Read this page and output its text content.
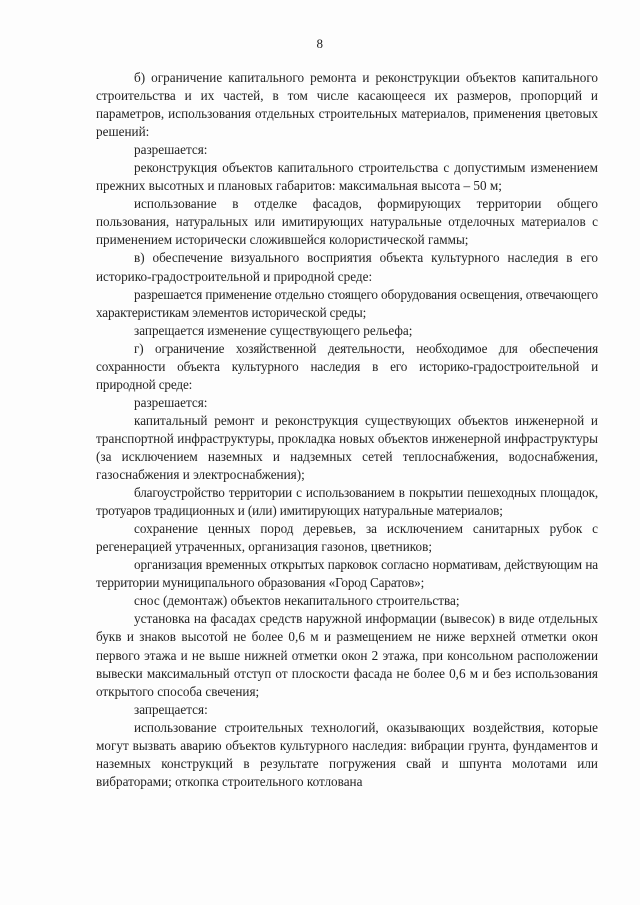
8

б) ограничение капитального ремонта и реконструкции объектов капитального строительства и их частей, в том числе касающееся их размеров, пропорций и параметров, использования отдельных строительных материалов, применения цветовых решений:

разрешается:

реконструкция объектов капитального строительства с допустимым изменением прежних высотных и плановых габаритов: максимальная высота – 50 м;

использование в отделке фасадов, формирующих территории общего пользования, натуральных или имитирующих натуральные отделочных материалов с применением исторически сложившейся колористической гаммы;

в) обеспечение визуального восприятия объекта культурного наследия в его историко-градостроительной и природной среде:

разрешается применение отдельно стоящего оборудования освещения, отвечающего характеристикам элементов исторической среды;

запрещается изменение существующего рельефа;

г) ограничение хозяйственной деятельности, необходимое для обеспечения сохранности объекта культурного наследия в его историко-градостроительной и природной среде:

разрешается:

капитальный ремонт и реконструкция существующих объектов инженерной и транспортной инфраструктуры, прокладка новых объектов инженерной инфраструктуры (за исключением наземных и надземных сетей теплоснабжения, водоснабжения, газоснабжения и электроснабжения);

благоустройство территории с использованием в покрытии пешеходных площадок, тротуаров традиционных и (или) имитирующих натуральные материалов;

сохранение ценных пород деревьев, за исключением санитарных рубок с регенерацией утраченных, организация газонов, цветников;

организация временных открытых парковок согласно нормативам, действующим на территории муниципального образования «Город Саратов»;

снос (демонтаж) объектов некапитального строительства;

установка на фасадах средств наружной информации (вывесок) в виде отдельных букв и знаков высотой не более 0,6 м и размещением не ниже верхней отметки окон первого этажа и не выше нижней отметки окон 2 этажа, при консольном расположении вывески максимальный отступ от плоскости фасада не более 0,6 м и без использования открытого способа свечения;

запрещается:

использование строительных технологий, оказывающих воздействия, которые могут вызвать аварию объектов культурного наследия: вибрации грунта, фундаментов и наземных конструкций в результате погружения свай и шпунта молотами или вибраторами; откопка строительного котлована
